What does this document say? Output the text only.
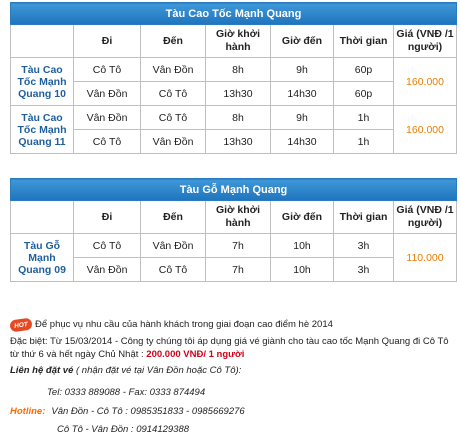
Tàu Cao Tốc Mạnh Quang						
	Đi	Đến	Giờ khởi hành	Giờ đến	Thời gian	Giá (VNĐ /1 người)
Tàu Cao Tốc Mạnh Quang 10	Cô Tô	Vân Đồn	8h	9h	60p	160.000
	Vân Đồn	Cô Tô	13h30	14h30	60p	
Tàu Cao Tốc Mạnh Quang 11	Vân Đồn	Cô Tô	8h	9h	1h	160.000
	Cô Tô	Vân Đồn	13h30	14h30	1h	
Tàu Gỗ Mạnh Quang						
	Đi	Đến	Giờ khởi hành	Giờ đến	Thời gian	Giá (VNĐ /1 người)
Tàu Gỗ Mạnh Quang 09	Cô Tô	Vân Đồn	7h	10h	3h	110.000
	Vân Đồn	Cô Tô	7h	10h	3h	
HOT Để phục vụ nhu cầu của hành khách trong giai đoạn cao điểm hè 2014
Đặc biệt: Từ 15/03/2014 - Công ty chúng tôi áp dụng giá vé giành cho tàu cao tốc Mạnh Quang đi Cô Tô từ thứ 6 và hết ngày Chủ Nhật : 200.000 VNĐ/ 1 người
Liên hệ đặt vé ( nhận đặt vé tại Vân Đồn hoặc Cô Tô):
Tel: 0333 889088 - Fax: 0333 874494
Hotline: Vân Đồn - Cô Tô : 0985351833 - 0985669276
Cô Tô - Vân Đồn : 0914129388
